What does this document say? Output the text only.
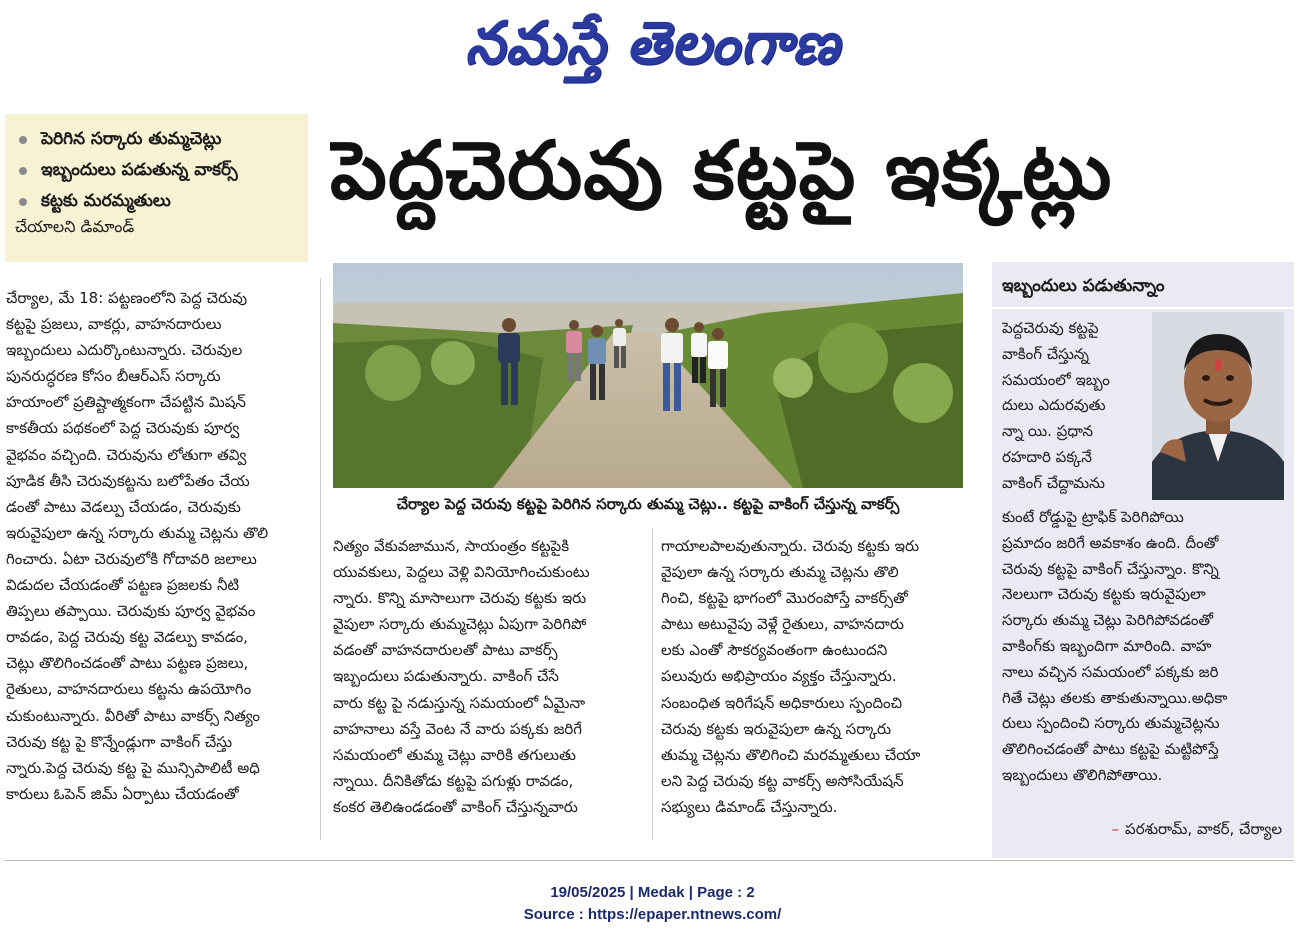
నమస్తే తెలంగాణ
పెరిగిన సర్కారు తుమ్మచెట్లు
ఇబ్బందులు పడుతున్న వాకర్స్‌
కట్టకు మరమ్మతులు
చేయాలని డిమాండ్‌
పెద్దచెరువు కట్టపై ఇక్కట్లు
చేర్యాల పెద్ద చెరువు కట్టపై పెరిగిన సర్కారు తుమ్మ చెట్లు.. కట్టపై వాకింగ్‌ చేస్తున్న వాకర్స్‌

చేర్యాల, మే 18: పట్టణంలోని పెద్ద చెరువు

కట్టపై ప్రజలు, వాకర్లు, వాహనదారులు

ఇబ్బందులు ఎదుర్కొంటున్నారు. చెరువుల

పునరుద్ధరణ కోసం బీఆర్‌ఎస్‌ సర్కారు

హయాంలో ప్రతిష్టాత్మకంగా చేపట్టిన మిషన్‌

కాకతీయ పథకంలో పెద్ద చెరువుకు పూర్వ

వైభవం వచ్చింది. చెరువును లోతుగా తవ్వి

పూడిక తీసి చెరువుకట్టను బలోపేతం చేయ

డంతో పాటు వెడల్పు చేయడం, చెరువుకు

ఇరువైపులా ఉన్న సర్కారు తుమ్మ చెట్లను తొలి

గించారు. ఏటా చెరువులోకి గోదావరి జలాలు

విడుదల చేయడంతో పట్టణ ప్రజలకు నీటి

తిప్పలు తప్పాయి. చెరువుకు పూర్వ వైభవం

రావడం, పెద్ద చెరువు కట్ట వెడల్పు కావడం,

చెట్లు తొలిగించడంతో పాటు పట్టణ ప్రజలు,

రైతులు, వాహనదారులు కట్టను ఉపయోగిం

చుకుంటున్నారు. వీరితో పాటు వాకర్స్‌ నిత్యం

చెరువు కట్ట పై కొన్నేండ్లుగా వాకింగ్‌ చేస్తు

న్నారు.పెద్ద చెరువు కట్ట పై మున్సిపాలిటీ అధి

కారులు ఓపెన్‌ జిమ్‌ ఏర్పాటు చేయడంతో

నిత్యం వేకువజామున, సాయంత్రం కట్టపైకి

యువకులు, పెద్దలు వెళ్లి వినియోగించుకుంటు

న్నారు. కొన్ని మాసాలుగా చెరువు కట్టకు ఇరు

వైపులా సర్కారు తుమ్మచెట్లు ఏపుగా పెరిగిపో

వడంతో వాహనదారులతో పాటు వాకర్స్‌

ఇబ్బందులు పడుతున్నారు. వాకింగ్‌ చేసే

వారు కట్ట పై నడుస్తున్న సమయంలో ఏమైనా

వాహనాలు వస్తే వెంట నే వారు పక్కకు జరిగే

సమయంలో తుమ్మ చెట్లు వారికి తగులుతు

న్నాయి. దీనికితోడు కట్టపై పగుళ్లు రావడం,

కంకర తెలిఉండడంతో వాకింగ్‌ చేస్తున్నవారు

గాయాలపాలవుతున్నారు. చెరువు కట్టకు ఇరు

వైపులా ఉన్న సర్కారు తుమ్మ చెట్లను తొలి

గించి, కట్టపై భాగంలో మొరంపోస్తే వాకర్స్‌తో

పాటు అటువైపు వెళ్లే రైతులు, వాహనదారు

లకు ఎంతో సౌకర్యవంతంగా ఉంటుందని

పలువురు అభిప్రాయం వ్యక్తం చేస్తున్నారు.

సంబంధిత ఇరిగేషన్‌ అధికారులు స్పందించి

చెరువు కట్టకు ఇరువైపులా ఉన్న సర్కారు

తుమ్మ చెట్లను తొలిగించి మరమ్మతులు చేయా

లని పెద్ద చెరువు కట్ట వాకర్స్‌ అసోసియేషన్‌

సభ్యులు డిమాండ్‌ చేస్తున్నారు.

ఇబ్బందులు పడుతున్నాం

పెద్దచెరువు కట్టపై

వాకింగ్‌ చేస్తున్న

సమయంలో ఇబ్బం

దులు ఎదురవుతు

న్నా యి. ప్రధాన

రహదారి పక్కనే

వాకింగ్‌ చేద్దామను

కుంటే రోడ్డుపై ట్రాఫిక్‌ పెరిగిపోయి

ప్రమాదం జరిగే అవకాశం ఉంది. దీంతో

చెరువు కట్టపై వాకింగ్‌ చేస్తున్నాం. కొన్ని

నెలలుగా చెరువు కట్టకు ఇరువైపులా

సర్కారు తుమ్మ చెట్లు పెరిగిపోవడంతో

వాకింగ్‌కు ఇబ్బందిగా మారింది. వాహ

నాలు వచ్చిన సమయంలో పక్కకు జరి

గితే చెట్లు తలకు తాకుతున్నాయి.అధికా

రులు స్పందించి సర్కారు తుమ్మచెట్లను

తొలిగించడంతో పాటు కట్టపై మట్టిపోస్తే

ఇబ్బందులు తొలిగిపోతాయి.

– పరశురామ్‌, వాకర్‌, చేర్యాల
19/05/2025 | Medak | Page : 2
Source : https://epaper.ntnews.com/
